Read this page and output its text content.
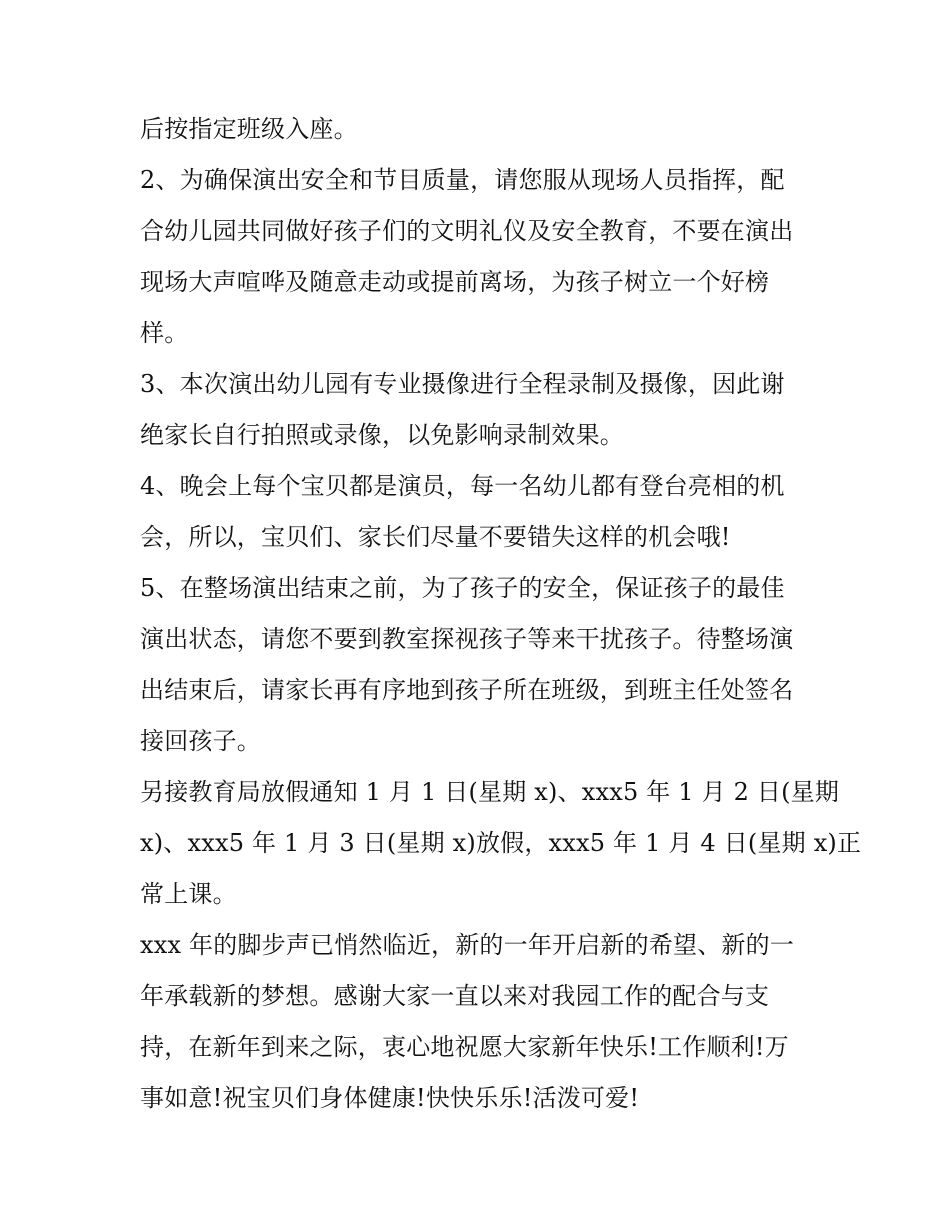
后按指定班级入座。
2、为确保演出安全和节目质量，请您服从现场人员指挥，配
合幼儿园共同做好孩子们的文明礼仪及安全教育，不要在演出
现场大声喧哗及随意走动或提前离场，为孩子树立一个好榜
样。
3、本次演出幼儿园有专业摄像进行全程录制及摄像，因此谢
绝家长自行拍照或录像，以免影响录制效果。
4、晚会上每个宝贝都是演员，每一名幼儿都有登台亮相的机
会，所以，宝贝们、家长们尽量不要错失这样的机会哦!
5、在整场演出结束之前，为了孩子的安全，保证孩子的最佳
演出状态，请您不要到教室探视孩子等来干扰孩子。待整场演
出结束后，请家长再有序地到孩子所在班级，到班主任处签名
接回孩子。
另接教育局放假通知 1 月 1 日(星期 x)、xxx5 年 1 月 2 日(星期
x)、xxx5 年 1 月 3 日(星期 x)放假，xxx5 年 1 月 4 日(星期 x)正
常上课。
xxx 年的脚步声已悄然临近，新的一年开启新的希望、新的一
年承载新的梦想。感谢大家一直以来对我园工作的配合与支
持，在新年到来之际，衷心地祝愿大家新年快乐!工作顺利!万
事如意!祝宝贝们身体健康!快快乐乐!活泼可爱!
